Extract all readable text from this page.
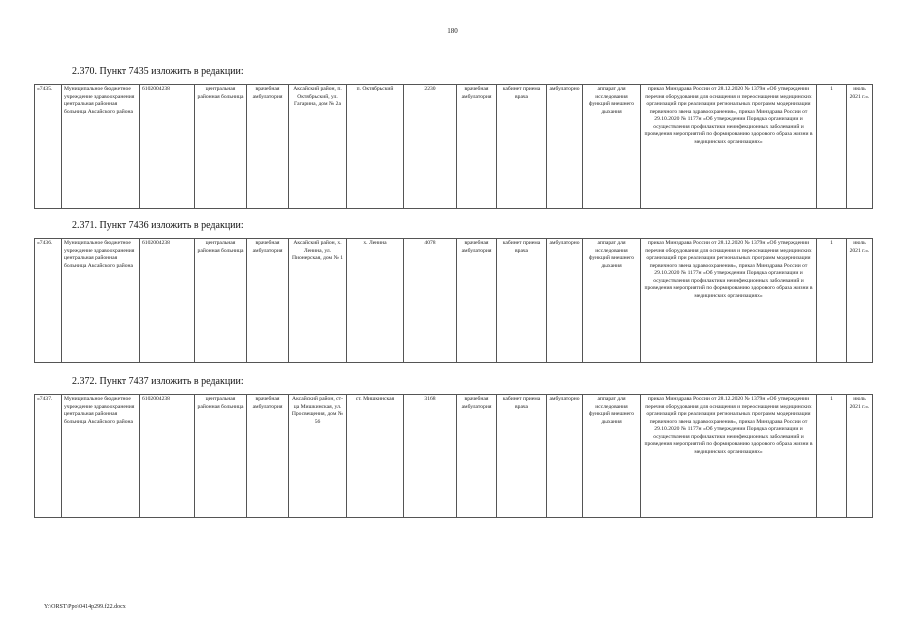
180
2.370. Пункт 7435 изложить в редакции:
«7435.	Муниципальное бюджетное учреждение здравоохранения центральная районная больница Аксайского района	6102004238	центральная районная больница	врачебная амбулатория	Аксайский район, п. Октябрьский, ул. Гагарина, дом № 2а	п. Октябрьский	2230	врачебная амбулатория	кабинет приема врача	амбулаторно	аппарат для исследования функций внешнего дыхания	приказ Минздрава России от 28.12.2020 № 1379н «Об утверждении перечня оборудования для оснащения и переоснащения медицинских организаций при реализации региональных программ модернизации первичного звена здравоохранения», приказ Минздрава России от 29.10.2020 № 1177н «Об утверждении Порядка организации и осуществления профилактики неинфекционных заболеваний и проведения мероприятий по формированию здорового образа жизни в медицинских организациях»	1	июль 2021 г.».
2.371. Пункт 7436 изложить в редакции:
«7436.	Муниципальное бюджетное учреждение здравоохранения центральная районная больница Аксайского района	6102004238	центральная районная больница	врачебная амбулатория	Аксайский район, х. Ленина, ул. Пионерская, дом № 1	х. Ленина	4078	врачебная амбулатория	кабинет приема врача	амбулаторно	аппарат для исследования функций внешнего дыхания	приказ Минздрава России от 28.12.2020 № 1379н «Об утверждении перечня оборудования для оснащения и переоснащения медицинских организаций при реализации региональных программ модернизации первичного звена здравоохранения», приказ Минздрава России от 29.10.2020 № 1177н «Об утверждении Порядка организации и осуществления профилактики неинфекционных заболеваний и проведения мероприятий по формированию здорового образа жизни в медицинских организациях»	1	июль 2021 г.».
2.372. Пункт 7437 изложить в редакции:
«7437.	Муниципальное бюджетное учреждение здравоохранения центральная районная больница Аксайского района	6102004238	центральная районная больница	врачебная амбулатория	Аксайский район, ст-ца Мишкинская, ул. Просвещения, дом № 56	ст. Мишкинская	3168	врачебная амбулатория	кабинет приема врача	амбулаторно	аппарат для исследования функций внешнего дыхания	приказ Минздрава России от 28.12.2020 № 1379н «Об утверждении перечня оборудования для оснащения и переоснащения медицинских организаций при реализации региональных программ модернизации первичного звена здравоохранения», приказ Минздрава России от 29.10.2020 № 1177н «Об утверждении Порядка организации и осуществления профилактики неинфекционных заболеваний и проведения мероприятий по формированию здорового образа жизни в медицинских организациях»	1	июль 2021 г.».
Y:\ORST\Ppo\0414p299.f22.docx
